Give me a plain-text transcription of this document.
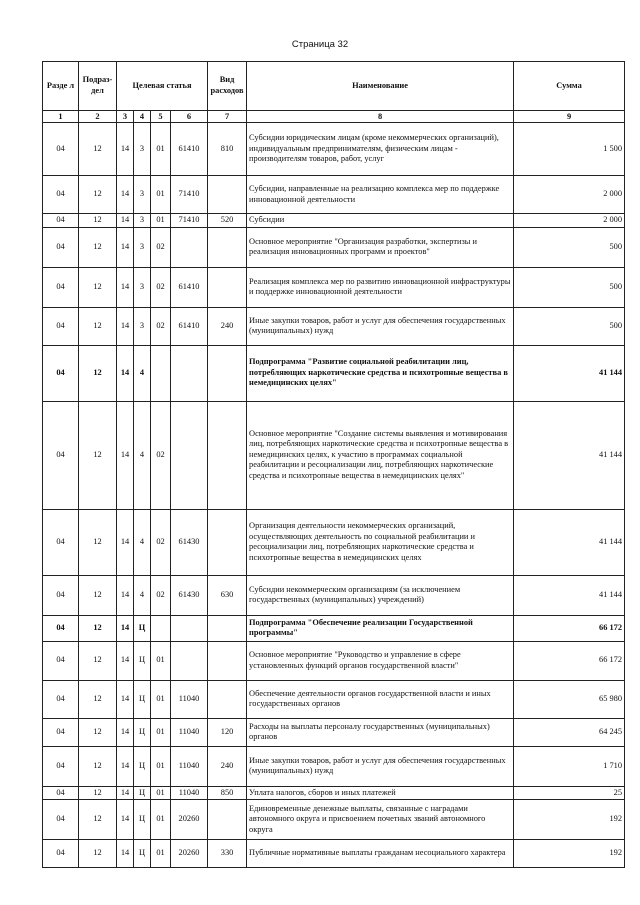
Страница 32
Разде л	Подраз- дел	Целевая статья				Вид расходов	Наименование	Сумма
1	2	3	4	5	6	7	8	9
04	12	14	3	01	61410	810	Субсидии юридическим лицам (кроме некоммерческих организаций), индивидуальным предпринимателям, физическим лицам - производителям товаров, работ, услуг	1 500
04	12	14	3	01	71410		Субсидии, направленные на реализацию комплекса мер по поддержке инновационной деятельности	2 000
04	12	14	3	01	71410	520	Субсидии	2 000
04	12	14	3	02			Основное мероприятие "Организация разработки, экспертизы и реализация инновационных программ и проектов"	500
04	12	14	3	02	61410		Реализация комплекса мер по развитию инновационной инфраструктуры и поддержке инновационной деятельности	500
04	12	14	3	02	61410	240	Иные закупки товаров, работ и услуг для обеспечения государственных (муниципальных) нужд	500
04	12	14	4				Подпрограмма "Развитие социальной реабилитации лиц, потребляющих наркотические средства и психотропные вещества в немедицинских целях"	41 144
04	12	14	4	02			Основное мероприятие "Создание системы выявления и мотивирования лиц, потребляющих наркотические средства и психотропные вещества в немедицинских целях, к участию в программах социальной реабилитации и ресоциализации лиц, потребляющих наркотические средства и психотропные вещества в немедицинских целях"	41 144
04	12	14	4	02	61430		Организация деятельности некоммерческих организаций, осуществляющих деятельность по социальной реабилитации и ресоциализации лиц, потребляющих наркотические средства и психотропные вещества в немедицинских целях	41 144
04	12	14	4	02	61430	630	Субсидии некоммерческим организациям (за исключением государственных (муниципальных) учреждений)	41 144
04	12	14	Ц				Подпрограмма "Обеспечение реализации Государственной программы"	66 172
04	12	14	Ц	01			Основное мероприятие "Руководство и управление в сфере установленных функций органов государственной власти"	66 172
04	12	14	Ц	01	11040		Обеспечение деятельности органов государственной власти и иных государственных органов	65 980
04	12	14	Ц	01	11040	120	Расходы на выплаты персоналу государственных (муниципальных) органов	64 245
04	12	14	Ц	01	11040	240	Иные закупки товаров, работ и услуг для обеспечения государственных (муниципальных) нужд	1 710
04	12	14	Ц	01	11040	850	Уплата налогов, сборов и иных платежей	25
04	12	14	Ц	01	20260		Единовременные денежные выплаты, связанные с наградами автономного округа и присвоением почетных званий автономного округа	192
04	12	14	Ц	01	20260	330	Публичные нормативные выплаты гражданам несоциального характера	192
